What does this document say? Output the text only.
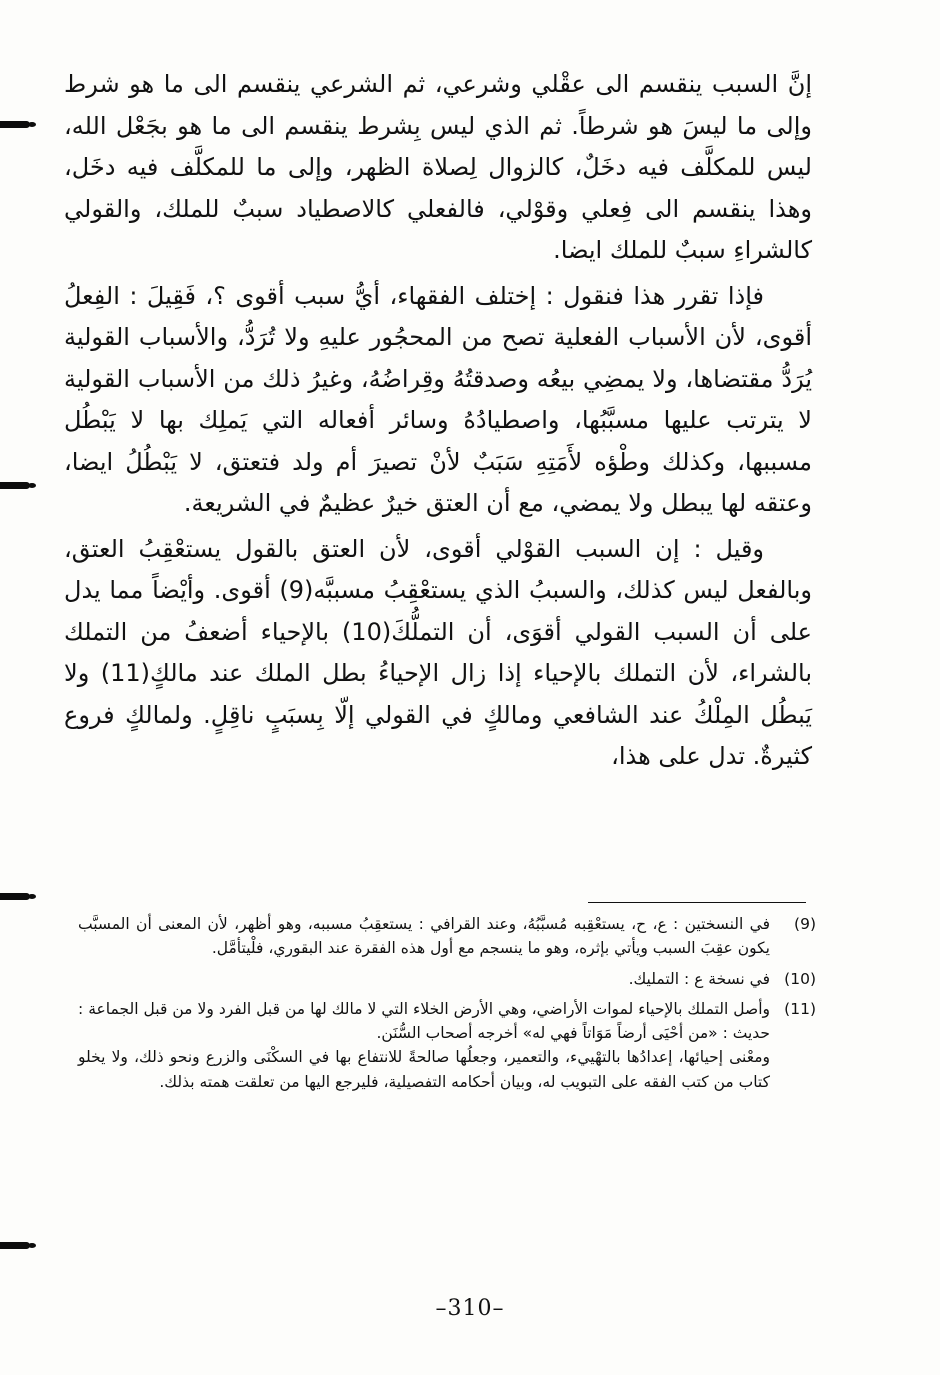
إنَّ السبب ينقسم الى عقْلي وشرعي، ثم الشرعي ينقسم الى ما هو شرط وإلى ما ليسَ هو شرطاً. ثم الذي ليس بِشرط ينقسم الى ما هو بجَعْل الله، ليس للمكلَّف فيه دخَلٌ، كالزوال لِصلاة الظهر، وإلى ما للمكلَّف فيه دخَل، وهذا ينقسم الى فِعلي وقوْلي، فالفعلي كالاصطياد سببٌ للملك، والقولي كالشراءِ سببٌ للملك ايضا.

فإذا تقرر هذا فنقول : إختلف الفقهاء، أيُّ سبب أقوى ؟، فَقِيلَ : الفِعلُ أقوى، لأن الأسباب الفعلية تصح من المحجُور عليهِ ولا تُرَدُّ، والأسباب القولية يُرَدُّ مقتضاها، ولا يمضِي بيعُه وصدقتُهُ وقِراضُهُ، وغيرُ ذلك من الأسباب القولية لا يترتب عليها مسبَّبُها، واصطيادُهُ وسائر أفعاله التي يَملِك بها لا يَبْطُل مسببها، وكذلك وطْؤه لأَمَتِهِ سَبَبٌ لأنْ تصيرَ أم ولد فتعتق، لا يَبْطُلُ ايضا، وعتقه لها يبطل ولا يمضي، مع أن العتق خيرٌ عظيمٌ في الشريعة.

وقيل : إن السبب القوْلي أقوى، لأن العتق بالقول يستعْقِبُ العتق، وبالفعل ليس كذلك، والسببُ الذي يستعْقِبُ مسببَّه(9) أقوى. وأيْضاً مما يدل على أن السبب القولي أقوَى، أن التملُّكَ(10) بالإحياء أضعفُ من التملك بالشراء، لأن التملك بالإحياء إذا زال الإحياءُ بطل الملك عند مالكٍ(11) ولا يَبطُل المِلْكُ عند الشافعي ومالكٍ في القولي إلّا بِسبَبٍ ناقِلٍ. ولمالكٍ فروع كثيرةٌ. تدل على هذا،

(9)

في النسختين : ع، ح، يستعْقِبه مُسبَّبُهُ، وعند القرافي : يستعقِبُ مسببه، وهو أظهر، لأن المعنى أن المسبَّب يكون عقِبَ السبب ويأتي بإثره، وهو ما ينسجم مع أول هذه الفقرة عند البقوري، فلْيتأمَّل.

(10)

في نسخة ع : التمليك.

(11)

وأصل التملك بالإحياء لموات الأراضي، وهي الأرض الخلاء التي لا مالك لها من قبل الفرد ولا من قبل الجماعة : حديث : «من أحْيَى أرضاً مَوَاتاً فهي له» أخرجه أصحاب السُّنَن.

ومعْنى إحيائها، إعدادُها بالتهْييء، والتعمير، وجعلُها صالحةً للانتفاع بها في السكْنَى والزرع ونحو ذلك، ولا يخلو كتاب من كتب الفقه على التبويب له، وبيان أحكامه التفصيلية، فليرجع اليها من تعلقت همته بذلك.

–310–
